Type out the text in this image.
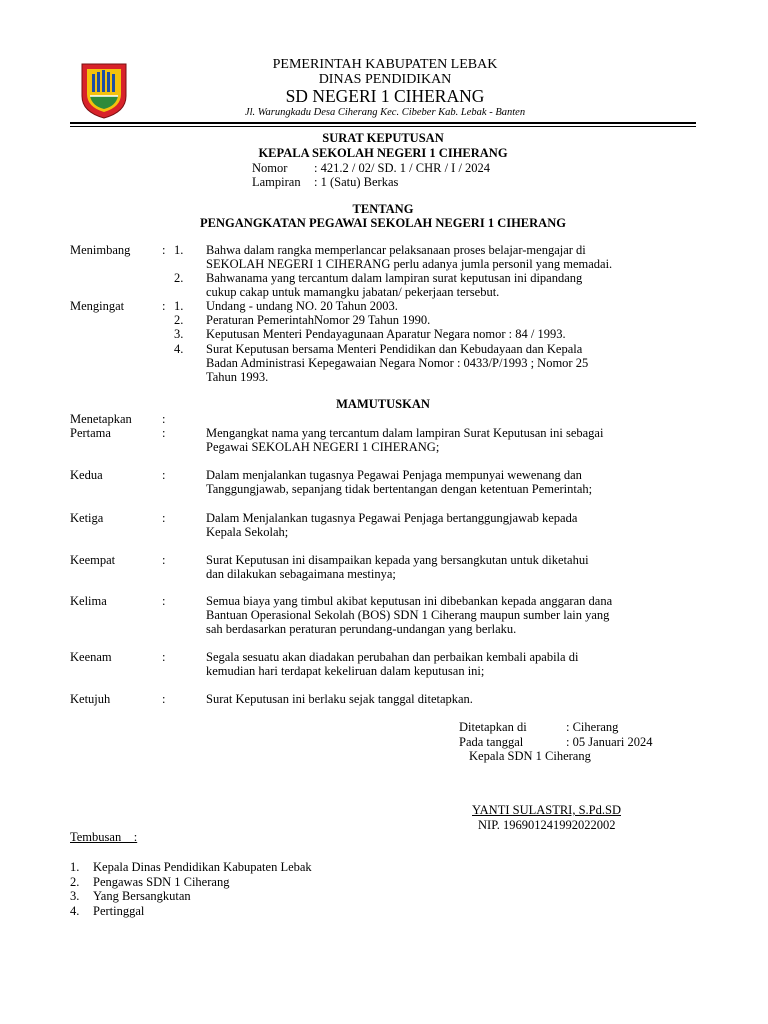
PEMERINTAH KABUPATEN LEBAK
DINAS PENDIDIKAN
SD NEGERI 1 CIHERANG
Jl. Warungkadu Desa Ciherang Kec. Cibeber Kab. Lebak - Banten
SURAT KEPUTUSAN
KEPALA SEKOLAH NEGERI 1 CIHERANG
Nomor : 421.2 / 02/ SD. 1 / CHR / I / 2024
Lampiran : 1 (Satu) Berkas
TENTANG
PENGANGKATAN PEGAWAI SEKOLAH NEGERI 1 CIHERANG
Menimbang	: 1. Bahwa dalam rangka memperlancar pelaksanaan proses belajar-mengajar di
SEKOLAH NEGERI 1 CIHERANG perlu adanya jumla personil yang memadai.
2. Bahwanama yang tercantum dalam lampiran surat keputusan ini dipandang
cukup cakap untuk mamangku jabatan/ pekerjaan tersebut.
Mengingat	: 1. Undang - undang NO. 20 Tahun 2003.
2. Peraturan PemerintahNomor 29 Tahun 1990.
3. Keputusan Menteri Pendayagunaan Aparatur Negara nomor : 84 / 1993.
4. Surat Keputusan bersama Menteri Pendidikan dan Kebudayaan dan Kepala
Badan Administrasi Kepegawaian Negara Nomor : 0433/P/1993 ; Nomor 25
Tahun 1993.
MAMUTUSKAN
Menetapkan :
Pertama	:	Mengangkat nama yang tercantum dalam lampiran Surat Keputusan ini sebagai
Pegawai SEKOLAH NEGERI 1 CIHERANG;
Kedua	:	Dalam menjalankan tugasnya Pegawai Penjaga mempunyai wewenang dan
Tanggungjawab, sepanjang tidak bertentangan dengan ketentuan Pemerintah;
Ketiga	:	Dalam Menjalankan tugasnya Pegawai Penjaga bertanggungjawab kepada
Kepala Sekolah;
Keempat	:	Surat Keputusan ini disampaikan kepada yang bersangkutan untuk diketahui
dan dilakukan sebagaimana mestinya;
Kelima	:	Semua biaya yang timbul akibat keputusan ini dibebankan kepada anggaran dana
Bantuan Operasional Sekolah (BOS) SDN 1 Ciherang maupun sumber lain yang
sah berdasarkan peraturan perundang-undangan yang berlaku.
Keenam	:	Segala sesuatu akan diadakan perubahan dan perbaikan kembali apabila di
kemudian hari terdapat kekeliruan dalam keputusan ini;
Ketujuh	:	Surat Keputusan ini berlaku sejak tanggal ditetapkan.
Ditetapkan di	: Ciherang
Pada tanggal	: 05 Januari 2024
Kepala SDN 1 Ciherang
YANTI SULASTRI, S.Pd.SD
NIP. 196901241992022002
Tembusan    :
1. Kepala Dinas Pendidikan Kabupaten Lebak
2. Pengawas SDN 1 Ciherang
3. Yang Bersangkutan
4. Pertinggal
